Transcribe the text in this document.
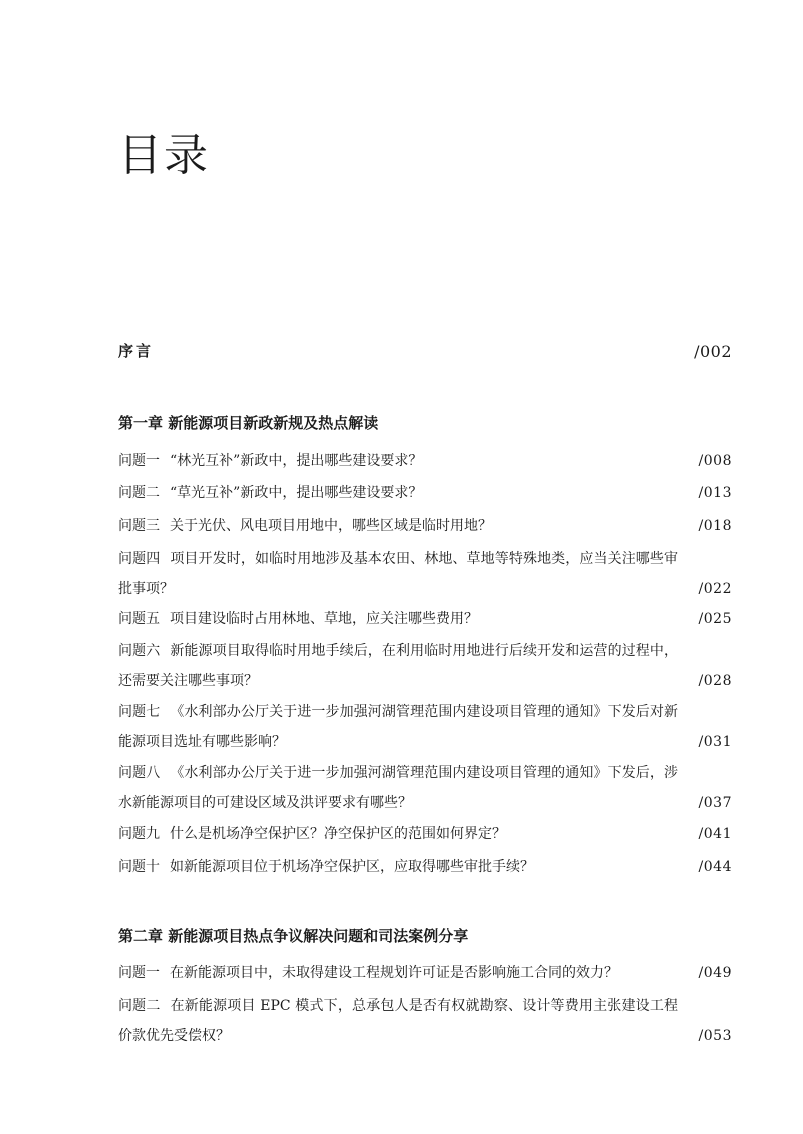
目录
序言	/002
第一章 新能源项目新政新规及热点解读
问题一 “林光互补”新政中，提出哪些建设要求？	/008
问题二 “草光互补”新政中，提出哪些建设要求？	/013
问题三 关于光伏、风电项目用地中，哪些区域是临时用地？	/018
问题四 项目开发时，如临时用地涉及基本农田、林地、草地等特殊地类，应当关注哪些审批事项？	/022
问题五 项目建设临时占用林地、草地，应关注哪些费用？	/025
问题六 新能源项目取得临时用地手续后，在利用临时用地进行后续开发和运营的过程中，还需要关注哪些事项？	/028
问题七 《水利部办公厅关于进一步加强河湖管理范围内建设项目管理的通知》下发后对新能源项目选址有哪些影响？	/031
问题八 《水利部办公厅关于进一步加强河湖管理范围内建设项目管理的通知》下发后，涉水新能源项目的可建设区域及洪评要求有哪些？	/037
问题九 什么是机场净空保护区？净空保护区的范围如何界定？	/041
问题十 如新能源项目位于机场净空保护区，应取得哪些审批手续？	/044
第二章 新能源项目热点争议解决问题和司法案例分享
问题一 在新能源项目中，未取得建设工程规划许可证是否影响施工合同的效力？	/049
问题二 在新能源项目 EPC 模式下，总承包人是否有权就勘察、设计等费用主张建设工程价款优先受偿权？	/053
